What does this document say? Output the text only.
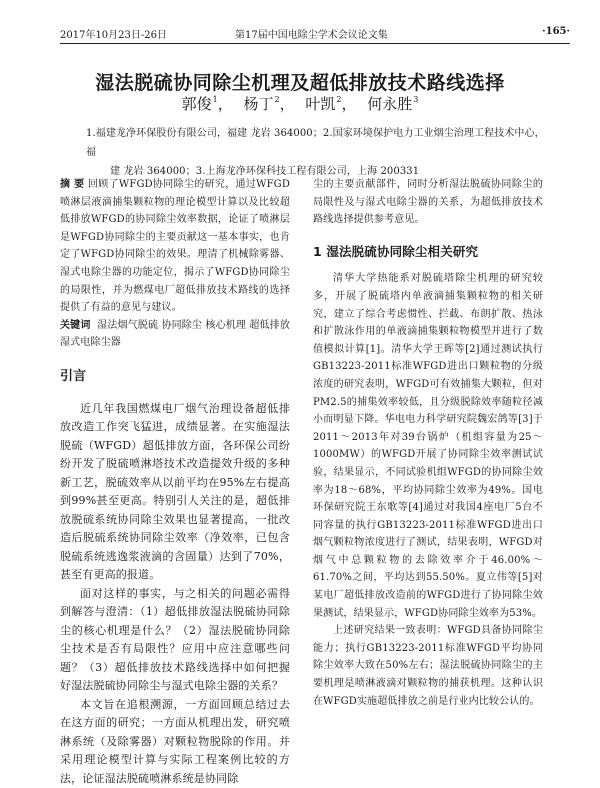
2017年10月23日-26日	第17届中国电除尘学术会议论文集	·165·
湿法脱硫协同除尘机理及超低排放技术路线选择
郭俊$^1$， 杨丁$^2$， 叶凯$^2$， 何永胜$^3$
1.福建龙净环保股份有限公司，福建 龙岩 364000；2.国家环境保护电力工业烟尘治理工程技术中心，福
建 龙岩 364000；3.上海龙净环保科技工程有限公司，上海 200331

摘 要 回顾了WFGD协同除尘的研究，通过WFGD喷淋层液滴捕集颗粒物的理论模型计算以及比较超低排放WFGD的协同除尘效率数据，论证了喷淋层是WFGD协同除尘的主要贡献这一基本事实，也肯定了WFGD协同除尘的效果。理清了机械除雾器、湿式电除尘器的功能定位，揭示了WFGD协同除尘的局限性，并为燃煤电厂超低排放技术路线的选择提供了有益的意见与建议。

关键词 湿法烟气脱硫 协同除尘 核心机理 超低排放 湿式电除尘器

引言

近几年我国燃煤电厂烟气治理设备超低排放改造工作突飞猛进，成绩显著。在实施湿法脱硫（WFGD）超低排放方面，各环保公司纷纷开发了脱硫喷淋塔技术改造提效升级的多种新工艺，脱硫效率从以前平均在95%左右提高到99%甚至更高。特别引人关注的是，超低排放脱硫系统协同除尘效果也显著提高，一批改造后脱硫系统协同除尘效率（净效率，已包含脱硫系统逃逸浆液滴的含固量）达到了70%，甚至有更高的报道。

面对这样的事实，与之相关的问题必需得到解答与澄清：（1）超低排放湿法脱硫协同除尘的核心机理是什么？（2）湿法脱硫协同除尘技术是否有局限性？应用中应注意哪些问题？（3）超低排放技术路线选择中如何把握好湿法脱硫协同除尘与湿式电除尘器的关系？

本文旨在追根溯源，一方面回顾总结过去在这方面的研究；一方面从机理出发，研究喷淋系统（及除雾器）对颗粒物脱除的作用。并采用理论模型计算与实际工程案例比较的方法，论证湿法脱硫喷淋系统是协同除

尘的主要贡献部件，同时分析湿法脱硫协同除尘的局限性及与湿式电除尘器的关系，为超低排放技术路线选择提供参考意见。

1 湿法脱硫协同除尘相关研究

清华大学热能系对脱硫塔除尘机理的研究较多，开展了脱硫塔内单液滴捕集颗粒物的相关研究，建立了综合考虑惯性、拦截、布朗扩散、热泳和扩散泳作用的单液滴捕集颗粒物模型并进行了数值模拟计算[1]。清华大学王晖等[2]通过测试执行GB13223-2011标准WFGD进出口颗粒物的分级浓度的研究表明，WFGD可有效捕集大颗粒，但对PM2.5的捕集效率较低，且分级脱除效率随粒径减小而明显下降。华电电力科学研究院魏宏鸽等[3]于2011～2013年对39台锅炉（机组容量为25～1000MW）的WFGD开展了协同除尘效率测试试验，结果显示，不同试验机组WFGD的协同除尘效率为18～68%，平均协同除尘效率为49%。国电环保研究院王东歌等[4]通过对我国4座电厂5台不同容量的执行GB13223-2011标准WFGD进出口烟气颗粒物浓度进行了测试，结果表明，WFGD对烟气中总颗粒物的去除效率介于46.00%～61.70%之间，平均达到55.50%。夏立伟等[5]对某电厂超低排放改造前的WFGD进行了协同除尘效果测试，结果显示，WFGD协同除尘效率为53%。

上述研究结果一致表明：WFGD具备协同除尘能力；执行GB13223-2011标准WFGD平均协同除尘效率大致在50%左右；湿法脱硫协同除尘的主要机理是喷淋液滴对颗粒物的捕获机理。这种认识在WFGD实施超低排放之前是行业内比较公认的。
